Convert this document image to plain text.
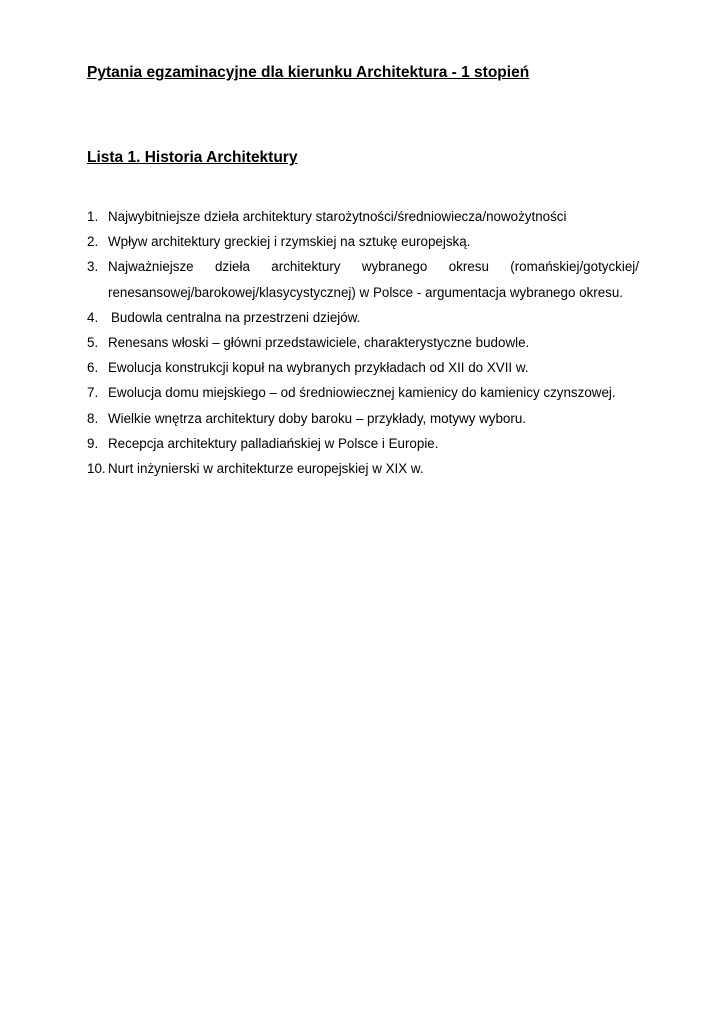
Pytania egzaminacyjne dla kierunku Architektura - 1 stopień
Lista 1. Historia Architektury
1. Najwybitniejsze dzieła architektury starożytności/średniowiecza/nowożytności
2. Wpływ architektury greckiej i rzymskiej na sztukę europejską.
3. Najważniejsze dzieła architektury wybranego okresu (romańskiej/gotyckiej/ renesansowej/barokowej/klasycystycznej) w Polsce - argumentacja wybranego okresu.
4. Budowla centralna na przestrzeni dziejów.
5. Renesans włoski – główni przedstawiciele, charakterystyczne budowle.
6. Ewolucja konstrukcji kopuł na wybranych przykładach od XII do XVII w.
7. Ewolucja domu miejskiego – od średniowiecznej kamienicy do kamienicy czynszowej.
8. Wielkie wnętrza architektury doby baroku – przykłady, motywy wyboru.
9. Recepcja architektury palladiańskiej w Polsce i Europie.
10. Nurt inżynierski w architekturze europejskiej w XIX w.
